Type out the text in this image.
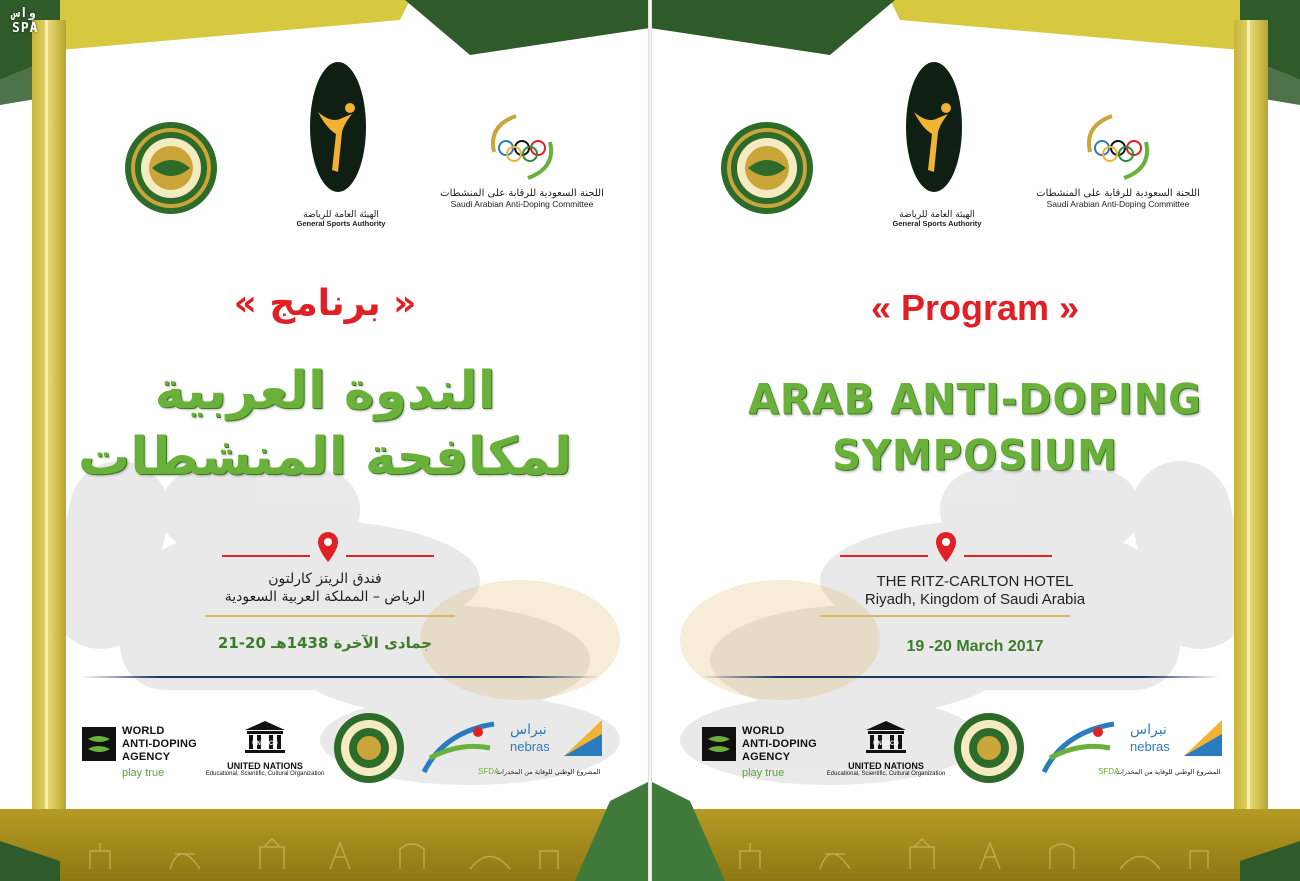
واس
SPA
الهيئة العامة للرياضة
General Sports Authority
اللجنة السعودية للرقابة على المنشطات
Saudi Arabian Anti-Doping Committee
« برنامج »
الندوة العربية
لمكافحة المنشطات
فندق الريتز كارلتون
الرياض – المملكة العربية السعودية
21-20 جمادى الآخرة 1438هـ
WORLD
ANTI-DOPING
AGENCY
play true
UNESCO
UNITED NATIONS
Educational, Scientific, Cultural Organization	SFDA
نبراس
nebras
المشروع الوطني للوقاية من المخدرات
الهيئة العامة للرياضة
General Sports Authority
اللجنة السعودية للرقابة على المنشطات
Saudi Arabian Anti-Doping Committee
« Program »
ARAB ANTI-DOPING
SYMPOSIUM
THE RITZ-CARLTON HOTEL
Riyadh, Kingdom of Saudi Arabia
19 -20 March 2017
WORLD
ANTI-DOPING
AGENCY
play true
UNESCO
UNITED NATIONS
Educational, Scientific, Cultural Organization	SFDA
نبراس
nebras
المشروع الوطني للوقاية من المخدرات
